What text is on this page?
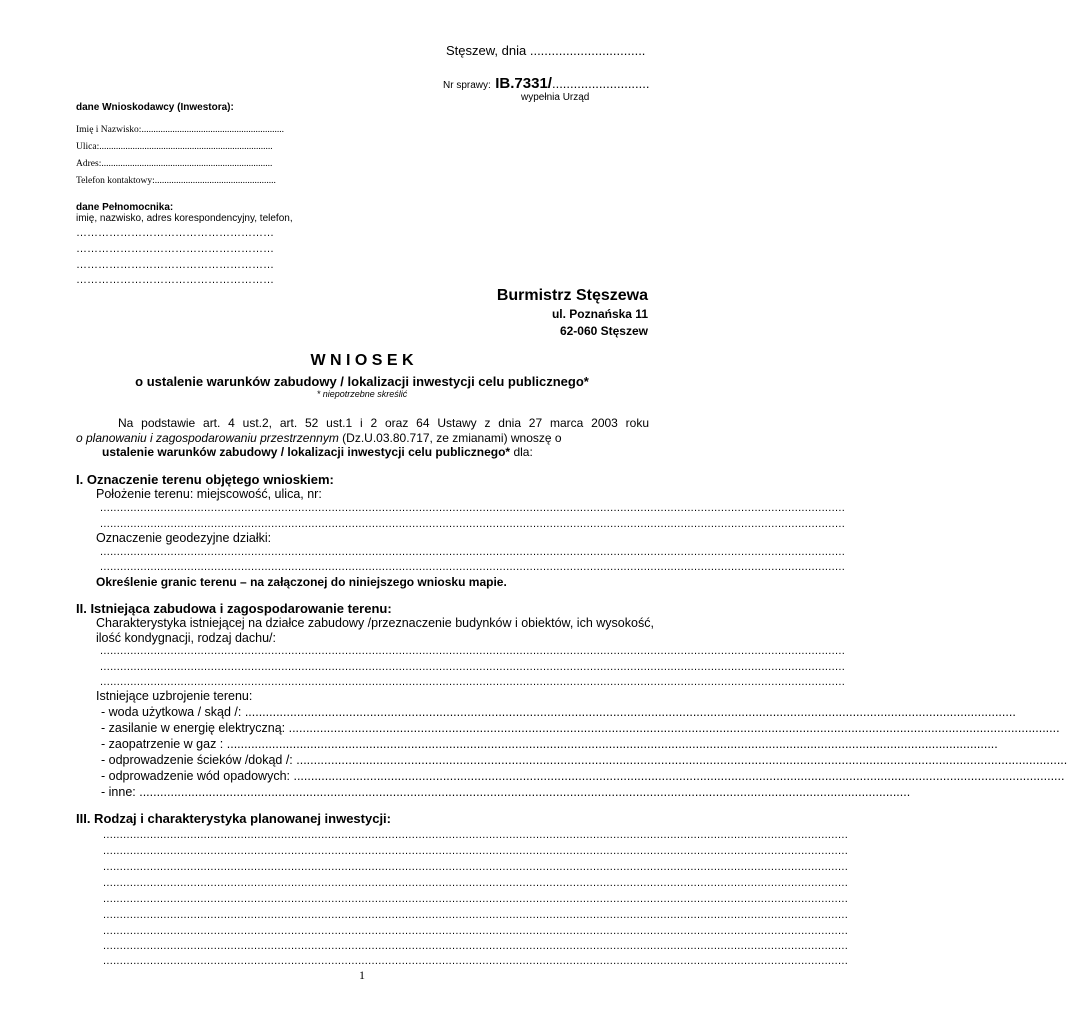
Stęszew, dnia ................................
Nr sprawy: IB.7331/...........................
wypełnia Urząd
dane Wnioskodawcy (Inwestora):
Imię i Nazwisko:............................................................
Ulica:.........................................................................
Adres:........................................................................
Telefon kontaktowy:...................................................
dane Pełnomocnika:
imię, nazwisko, adres korespondencyjny, telefon,
………………………………………………
………………………………………………
………………………………………………
………………………………………………
Burmistrz Stęszewa
ul. Poznańska 11
62-060 Stęszew
W N I O S E K
o ustalenie warunków zabudowy / lokalizacji inwestycji celu publicznego*
* niepotrzebne skreślić
Na podstawie art. 4 ust.2, art. 52 ust.1 i 2 oraz 64 Ustawy z dnia 27 marca 2003 roku
o planowaniu i zagospodarowaniu przestrzennym (Dz.U.03.80.717, ze zmianami) wnoszę o
ustalenie warunków zabudowy / lokalizacji inwestycji celu publicznego* dla:
I. Oznaczenie terenu objętego wnioskiem:
Położenie terenu: miejscowość, ulica, nr:
..............................................................................................................................................................................................................................
..............................................................................................................................................................................................................................
Oznaczenie geodezyjne działki:
..............................................................................................................................................................................................................................
..............................................................................................................................................................................................................................
Określenie granic terenu – na załączonej do niniejszego wniosku mapie.
II. Istniejąca zabudowa i zagospodarowanie terenu:
Charakterystyka istniejącej na działce zabudowy /przeznaczenie budynków i obiektów, ich wysokość,
ilość kondygnacji, rodzaj dachu/:
..............................................................................................................................................................................................................................
..............................................................................................................................................................................................................................
..............................................................................................................................................................................................................................
Istniejące uzbrojenie terenu:
- woda użytkowa / skąd /: ..............................................................................................................................................................................................................................
- zasilanie w energię elektryczną: ..............................................................................................................................................................................................................................
- zaopatrzenie w gaz : ..............................................................................................................................................................................................................................
- odprowadzenie ścieków /dokąd /: ..............................................................................................................................................................................................................................
- odprowadzenie wód opadowych: ..............................................................................................................................................................................................................................
- inne: ..............................................................................................................................................................................................................................
III. Rodzaj i charakterystyka planowanej inwestycji:
..............................................................................................................................................................................................................................
..............................................................................................................................................................................................................................
..............................................................................................................................................................................................................................
..............................................................................................................................................................................................................................
..............................................................................................................................................................................................................................
..............................................................................................................................................................................................................................
..............................................................................................................................................................................................................................
..............................................................................................................................................................................................................................
..............................................................................................................................................................................................................................
1
